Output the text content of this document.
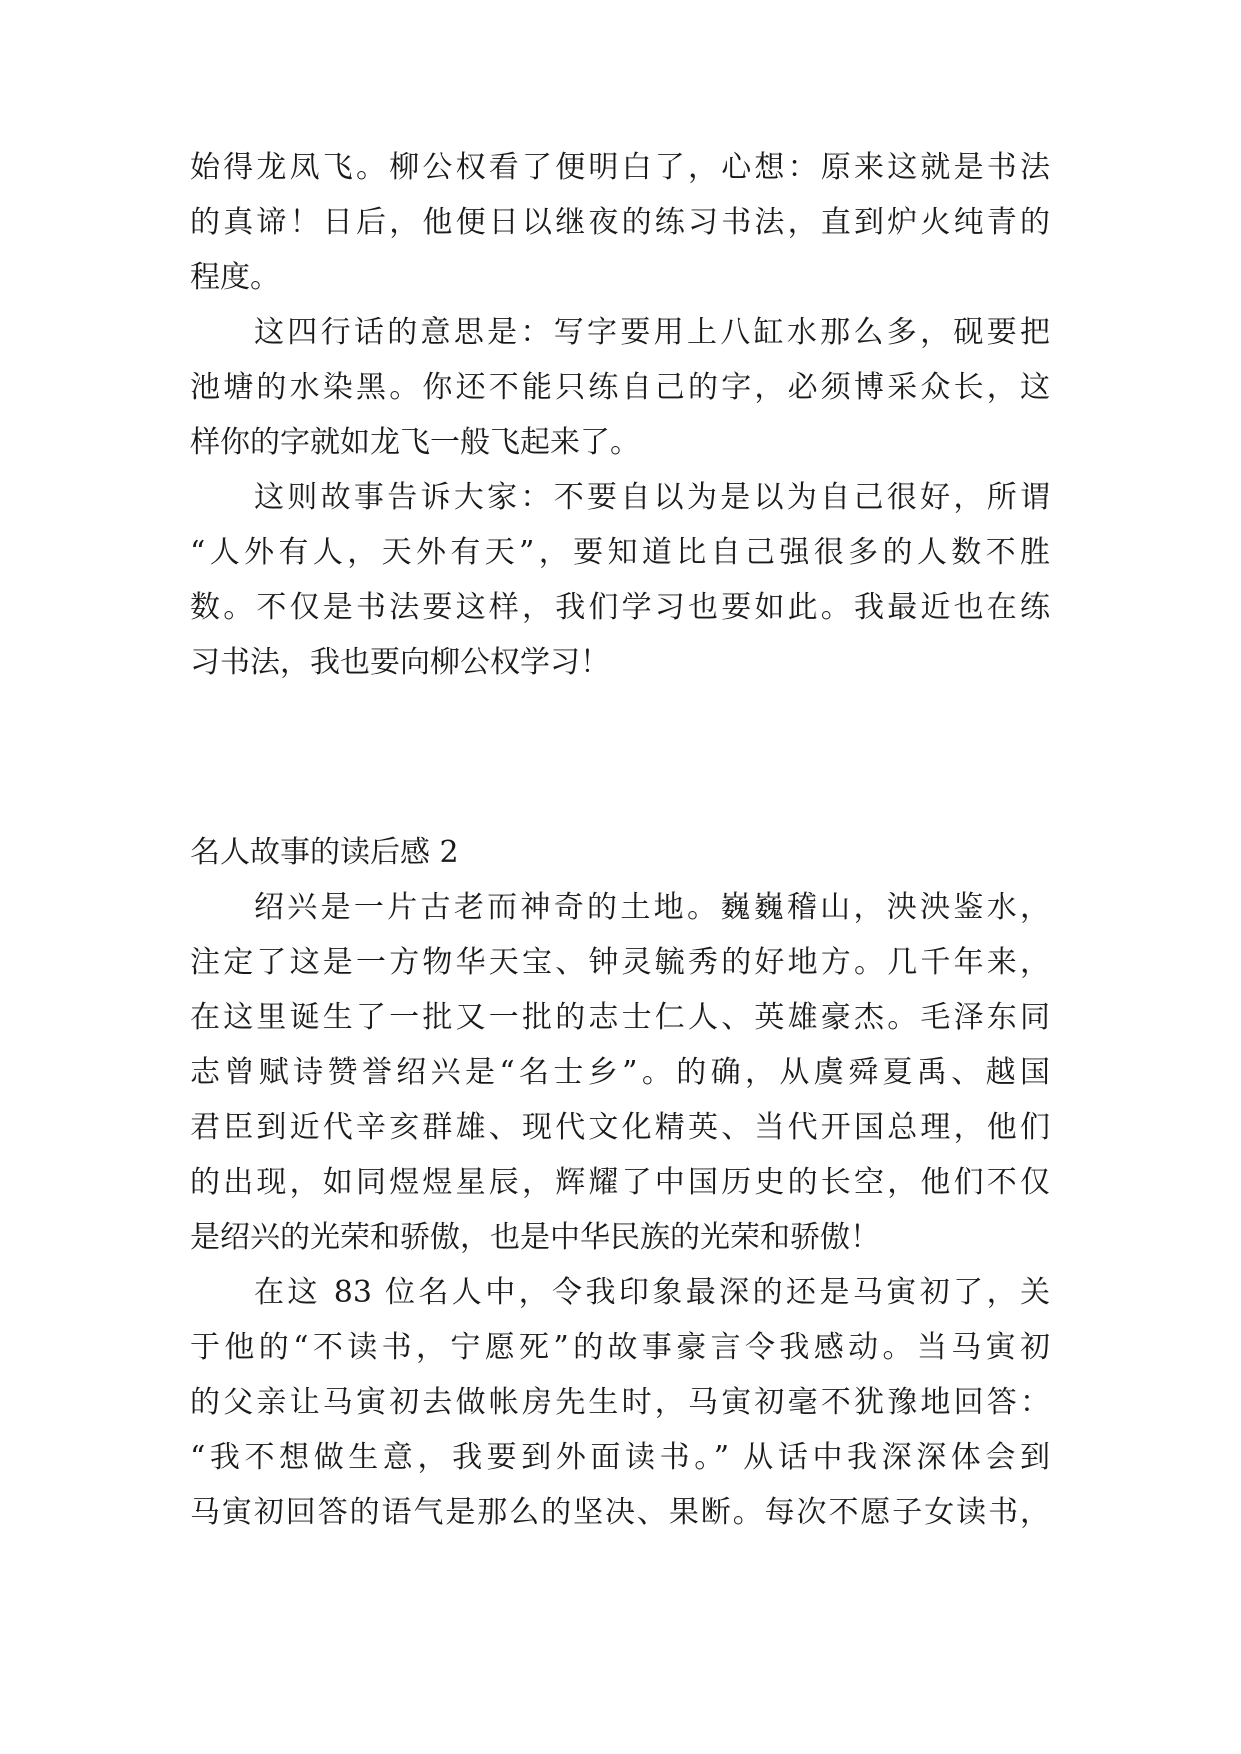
始得龙凤飞。柳公权看了便明白了，心想：原来这就是书法
的真谛！日后，他便日以继夜的练习书法，直到炉火纯青的
程度。
这四行话的意思是：写字要用上八缸水那么多，砚要把
池塘的水染黑。你还不能只练自己的字，必须博采众长，这
样你的字就如龙飞一般飞起来了。
这则故事告诉大家：不要自以为是以为自己很好，所谓
“人外有人，天外有天”，要知道比自己强很多的人数不胜
数。不仅是书法要这样，我们学习也要如此。我最近也在练
习书法，我也要向柳公权学习！
名人故事的读后感 2
绍兴是一片古老而神奇的土地。巍巍稽山，泱泱鉴水，
注定了这是一方物华天宝、钟灵毓秀的好地方。几千年来，
在这里诞生了一批又一批的志士仁人、英雄豪杰。毛泽东同
志曾赋诗赞誉绍兴是“名士乡”。的确，从虞舜夏禹、越国
君臣到近代辛亥群雄、现代文化精英、当代开国总理，他们
的出现，如同煜煜星辰，辉耀了中国历史的长空，他们不仅
是绍兴的光荣和骄傲，也是中华民族的光荣和骄傲！
在这 83 位名人中，令我印象最深的还是马寅初了，关
于他的“不读书，宁愿死”的故事豪言令我感动。当马寅初
的父亲让马寅初去做帐房先生时，马寅初毫不犹豫地回答：
“我不想做生意，我要到外面读书。” 从话中我深深体会到
马寅初回答的语气是那么的坚决、果断。每次不愿子女读书，
